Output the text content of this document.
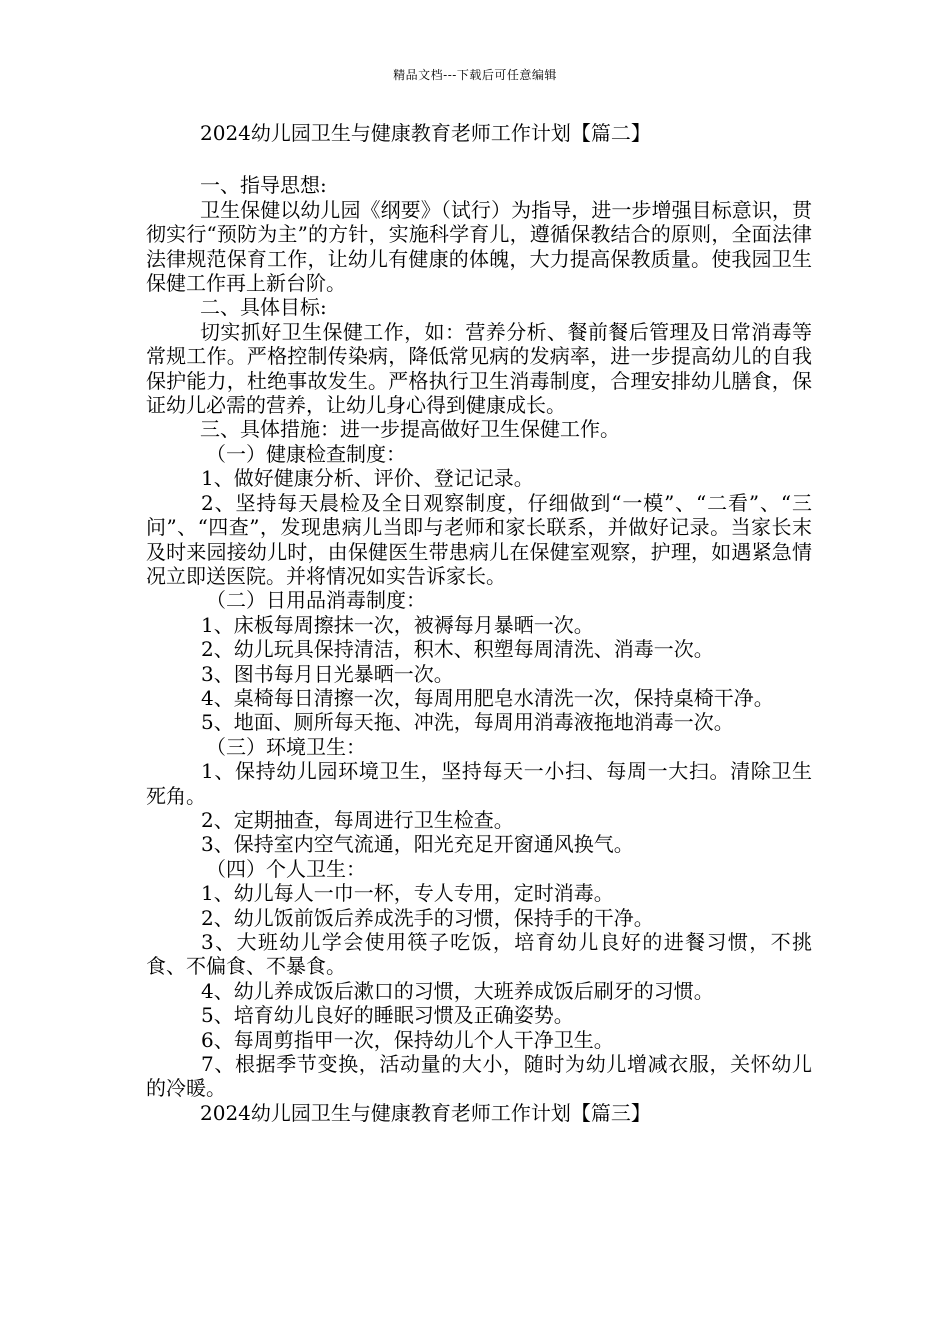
精品文档---下载后可任意编辑

2024幼儿园卫生与健康教育老师工作计划【篇二】

一、指导思想:

卫生保健以幼儿园《纲要》（试行）为指导，进一步增强目标意识，贯彻实行“预防为主”的方针，实施科学育儿，遵循保教结合的原则，全面法律法律规范保育工作，让幼儿有健康的体魄，大力提高保教质量。使我园卫生保健工作再上新台阶。

二、具体目标:

切实抓好卫生保健工作，如：营养分析、餐前餐后管理及日常消毒等常规工作。严格控制传染病，降低常见病的发病率，进一步提高幼儿的自我保护能力，杜绝事故发生。严格执行卫生消毒制度，合理安排幼儿膳食，保证幼儿必需的营养，让幼儿身心得到健康成长。

三、具体措施：进一步提高做好卫生保健工作。

（一）健康检查制度：

1、做好健康分析、评价、登记记录。

2、坚持每天晨检及全日观察制度，仔细做到“一模”、“二看”、“三问”、“四查”，发现患病儿当即与老师和家长联系，并做好记录。当家长末及时来园接幼儿时，由保健医生带患病儿在保健室观察，护理，如遇紧急情况立即送医院。并将情况如实告诉家长。

（二）日用品消毒制度：

1、床板每周擦抹一次，被褥每月暴晒一次。

2、幼儿玩具保持清洁，积木、积塑每周清洗、消毒一次。

3、图书每月日光暴晒一次。

4、桌椅每日清擦一次，每周用肥皂水清洗一次，保持桌椅干净。

5、地面、厕所每天拖、冲洗，每周用消毒液拖地消毒一次。

（三）环境卫生：

1、保持幼儿园环境卫生，坚持每天一小扫、每周一大扫。清除卫生死角。

2、定期抽查，每周进行卫生检查。

3、保持室内空气流通，阳光充足开窗通风换气。

（四）个人卫生：

1、幼儿每人一巾一杯，专人专用，定时消毒。

2、幼儿饭前饭后养成洗手的习惯，保持手的干净。

3、大班幼儿学会使用筷子吃饭，培育幼儿良好的进餐习惯，不挑食、不偏食、不暴食。

4、幼儿养成饭后漱口的习惯，大班养成饭后刷牙的习惯。

5、培育幼儿良好的睡眠习惯及正确姿势。

6、每周剪指甲一次，保持幼儿个人干净卫生。

7、根据季节变换，活动量的大小，随时为幼儿增减衣服，关怀幼儿的冷暖。

2024幼儿园卫生与健康教育老师工作计划【篇三】
